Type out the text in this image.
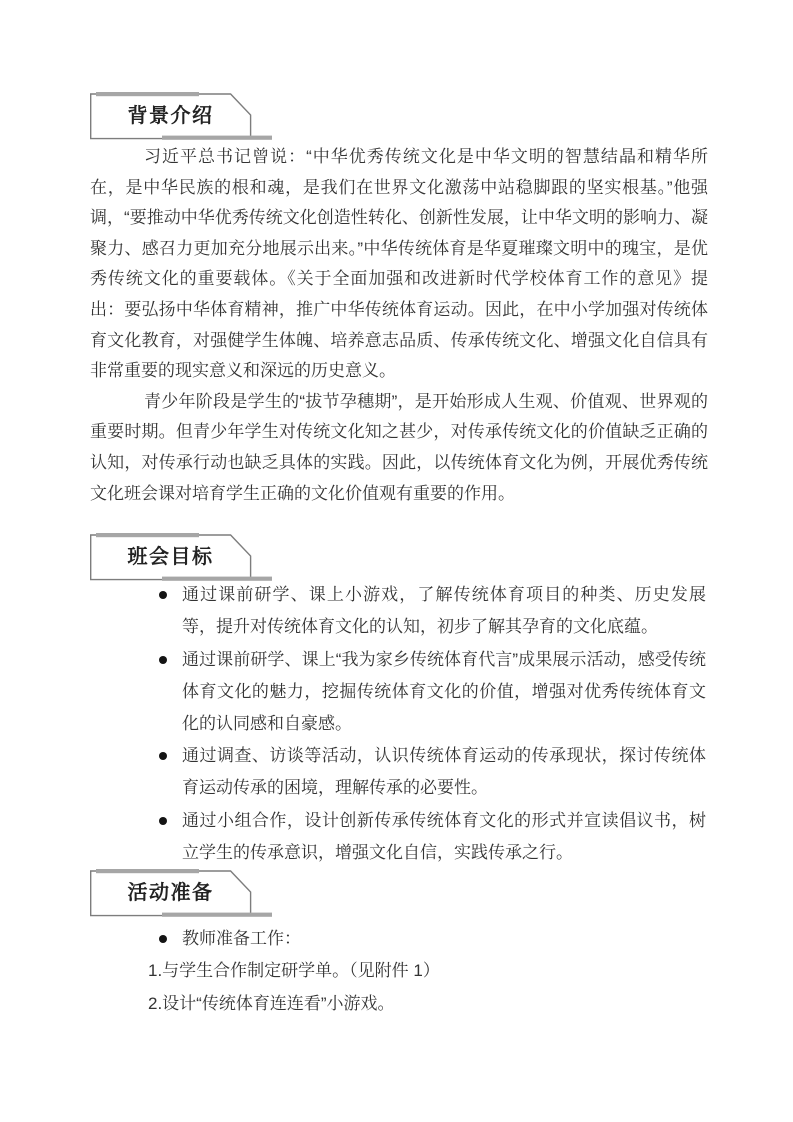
背景介绍

习近平总书记曾说：“中华优秀传统文化是中华文明的智慧结晶和精华所在，是中华民族的根和魂，是我们在世界文化激荡中站稳脚跟的坚实根基。”他强调，“要推动中华优秀传统文化创造性转化、创新性发展，让中华文明的影响力、凝聚力、感召力更加充分地展示出来。”中华传统体育是华夏璀璨文明中的瑰宝，是优秀传统文化的重要载体。《关于全面加强和改进新时代学校体育工作的意见》提出：要弘扬中华体育精神，推广中华传统体育运动。因此，在中小学加强对传统体育文化教育，对强健学生体魄、培养意志品质、传承传统文化、增强文化自信具有非常重要的现实意义和深远的历史意义。

青少年阶段是学生的“拔节孕穗期”，是开始形成人生观、价值观、世界观的重要时期。但青少年学生对传统文化知之甚少，对传承传统文化的价值缺乏正确的认知，对传承行动也缺乏具体的实践。因此，以传统体育文化为例，开展优秀传统文化班会课对培育学生正确的文化价值观有重要的作用。

班会目标
通过课前研学、课上小游戏，了解传统体育项目的种类、历史发展等，提升对传统体育文化的认知，初步了解其孕育的文化底蕴。
通过课前研学、课上“我为家乡传统体育代言”成果展示活动，感受传统体育文化的魅力，挖掘传统体育文化的价值，增强对优秀传统体育文化的认同感和自豪感。
通过调查、访谈等活动，认识传统体育运动的传承现状，探讨传统体育运动传承的困境，理解传承的必要性。
通过小组合作，设计创新传承传统体育文化的形式并宣读倡议书，树立学生的传承意识，增强文化自信，实践传承之行。
活动准备
教师准备工作：
1.与学生合作制定研学单。（见附件 1）
2.设计“传统体育连连看”小游戏。
